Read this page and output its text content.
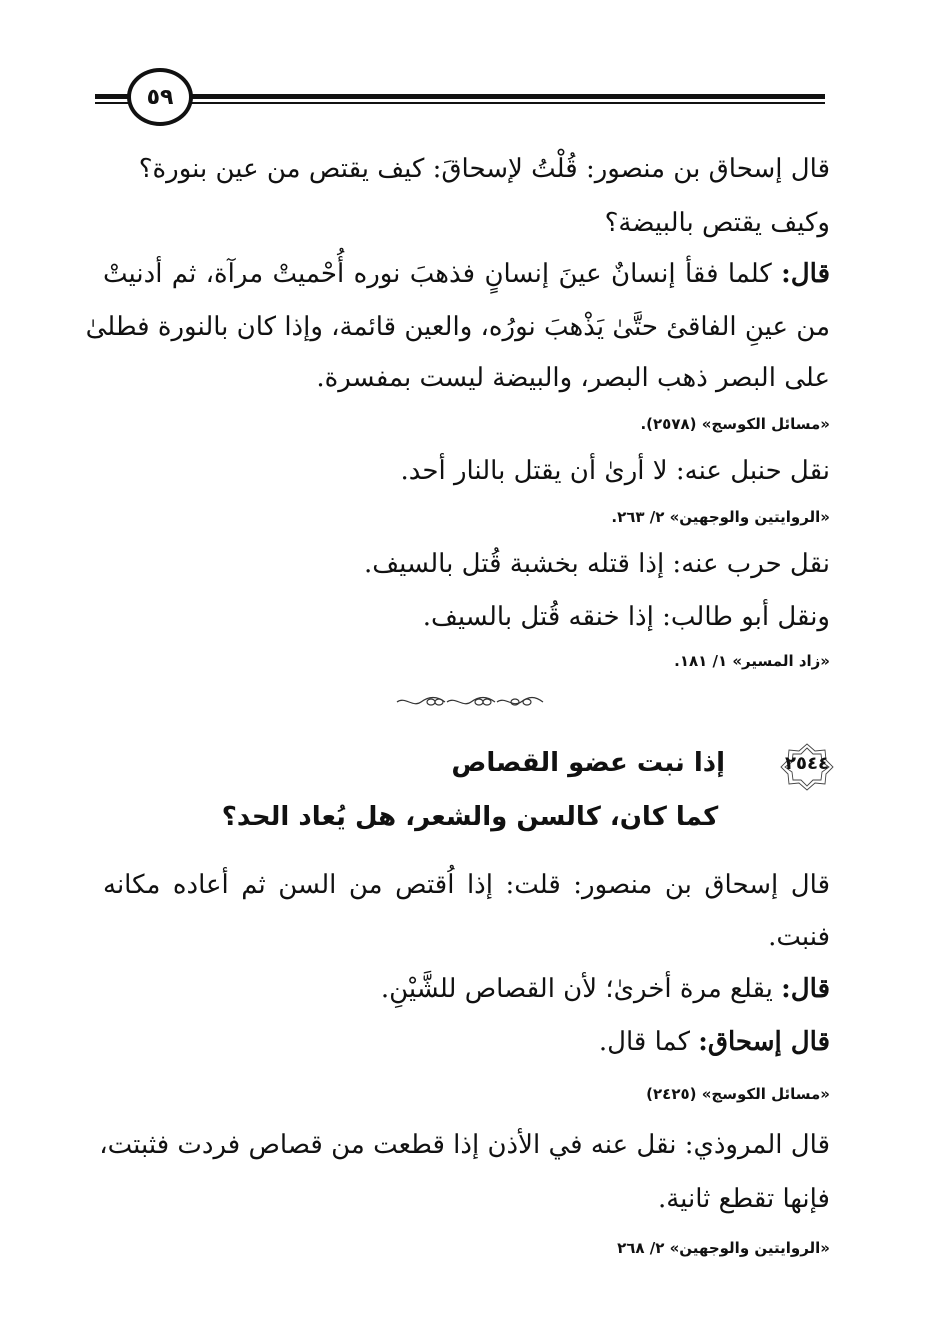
٥٩
قال إسحاق بن منصور: قُلْتُ لإسحاقَ: كيف يقتص من عين بنورة؟
وكيف يقتص بالبيضة؟
قال: كلما فقأ إنسانٌ عينَ إنسانٍ فذهبَ نوره أُحْميتْ مرآة، ثم أدنيتْ
من عينِ الفاقئ حتَّىٰ يَذْهبَ نورُه، والعين قائمة، وإذا كان بالنورة فطلىٰ
على البصر ذهب البصر، والبيضة ليست بمفسرة.
«مسائل الكوسج» (٢٥٧٨).
نقل حنبل عنه: لا أرىٰ أن يقتل بالنار أحد.
«الروايتين والوجهين» ٢/ ٢٦٣.
نقل حرب عنه: إذا قتله بخشبة قُتل بالسيف.
ونقل أبو طالب: إذا خنقه قُتل بالسيف.
«زاد المسير» ١/ ١٨١.
٢٥٤٤
إذا نبت عضو القصاص
كما كان، كالسن والشعر، هل يُعاد الحد؟
قال إسحاق بن منصور: قلت: إذا اُقتص من السن ثم أعاده مكانه
فنبت.
قال: يقلع مرة أخرىٰ؛ لأن القصاص للشَّيْنِ.
قال إسحاق: كما قال.
«مسائل الكوسج» (٢٤٢٥)
قال المروذي: نقل عنه في الأذن إذا قطعت من قصاص فردت فثبتت،
فإنها تقطع ثانية.
«الروايتين والوجهين» ٢/ ٢٦٨
